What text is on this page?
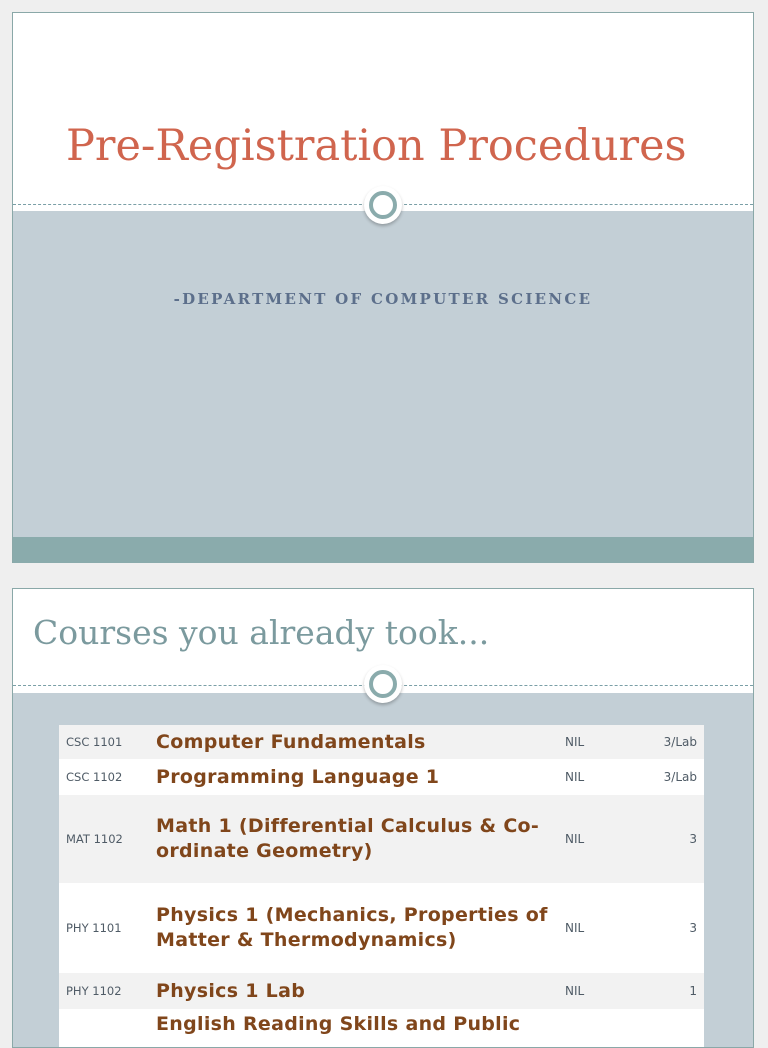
Pre-Registration Procedures

-DEPARTMENT OF COMPUTER SCIENCE

Courses you already took...
CSC 1101	Computer Fundamentals	NIL	3/Lab
CSC 1102	Programming Language 1	NIL	3/Lab
MAT 1102	Math 1 (Differential Calculus & Co-ordinate Geometry)	NIL	3
PHY 1101	Physics 1 (Mechanics, Properties of Matter & Thermodynamics)	NIL	3
PHY 1102	Physics 1 Lab	NIL	1
	English Reading Skills and Public		
